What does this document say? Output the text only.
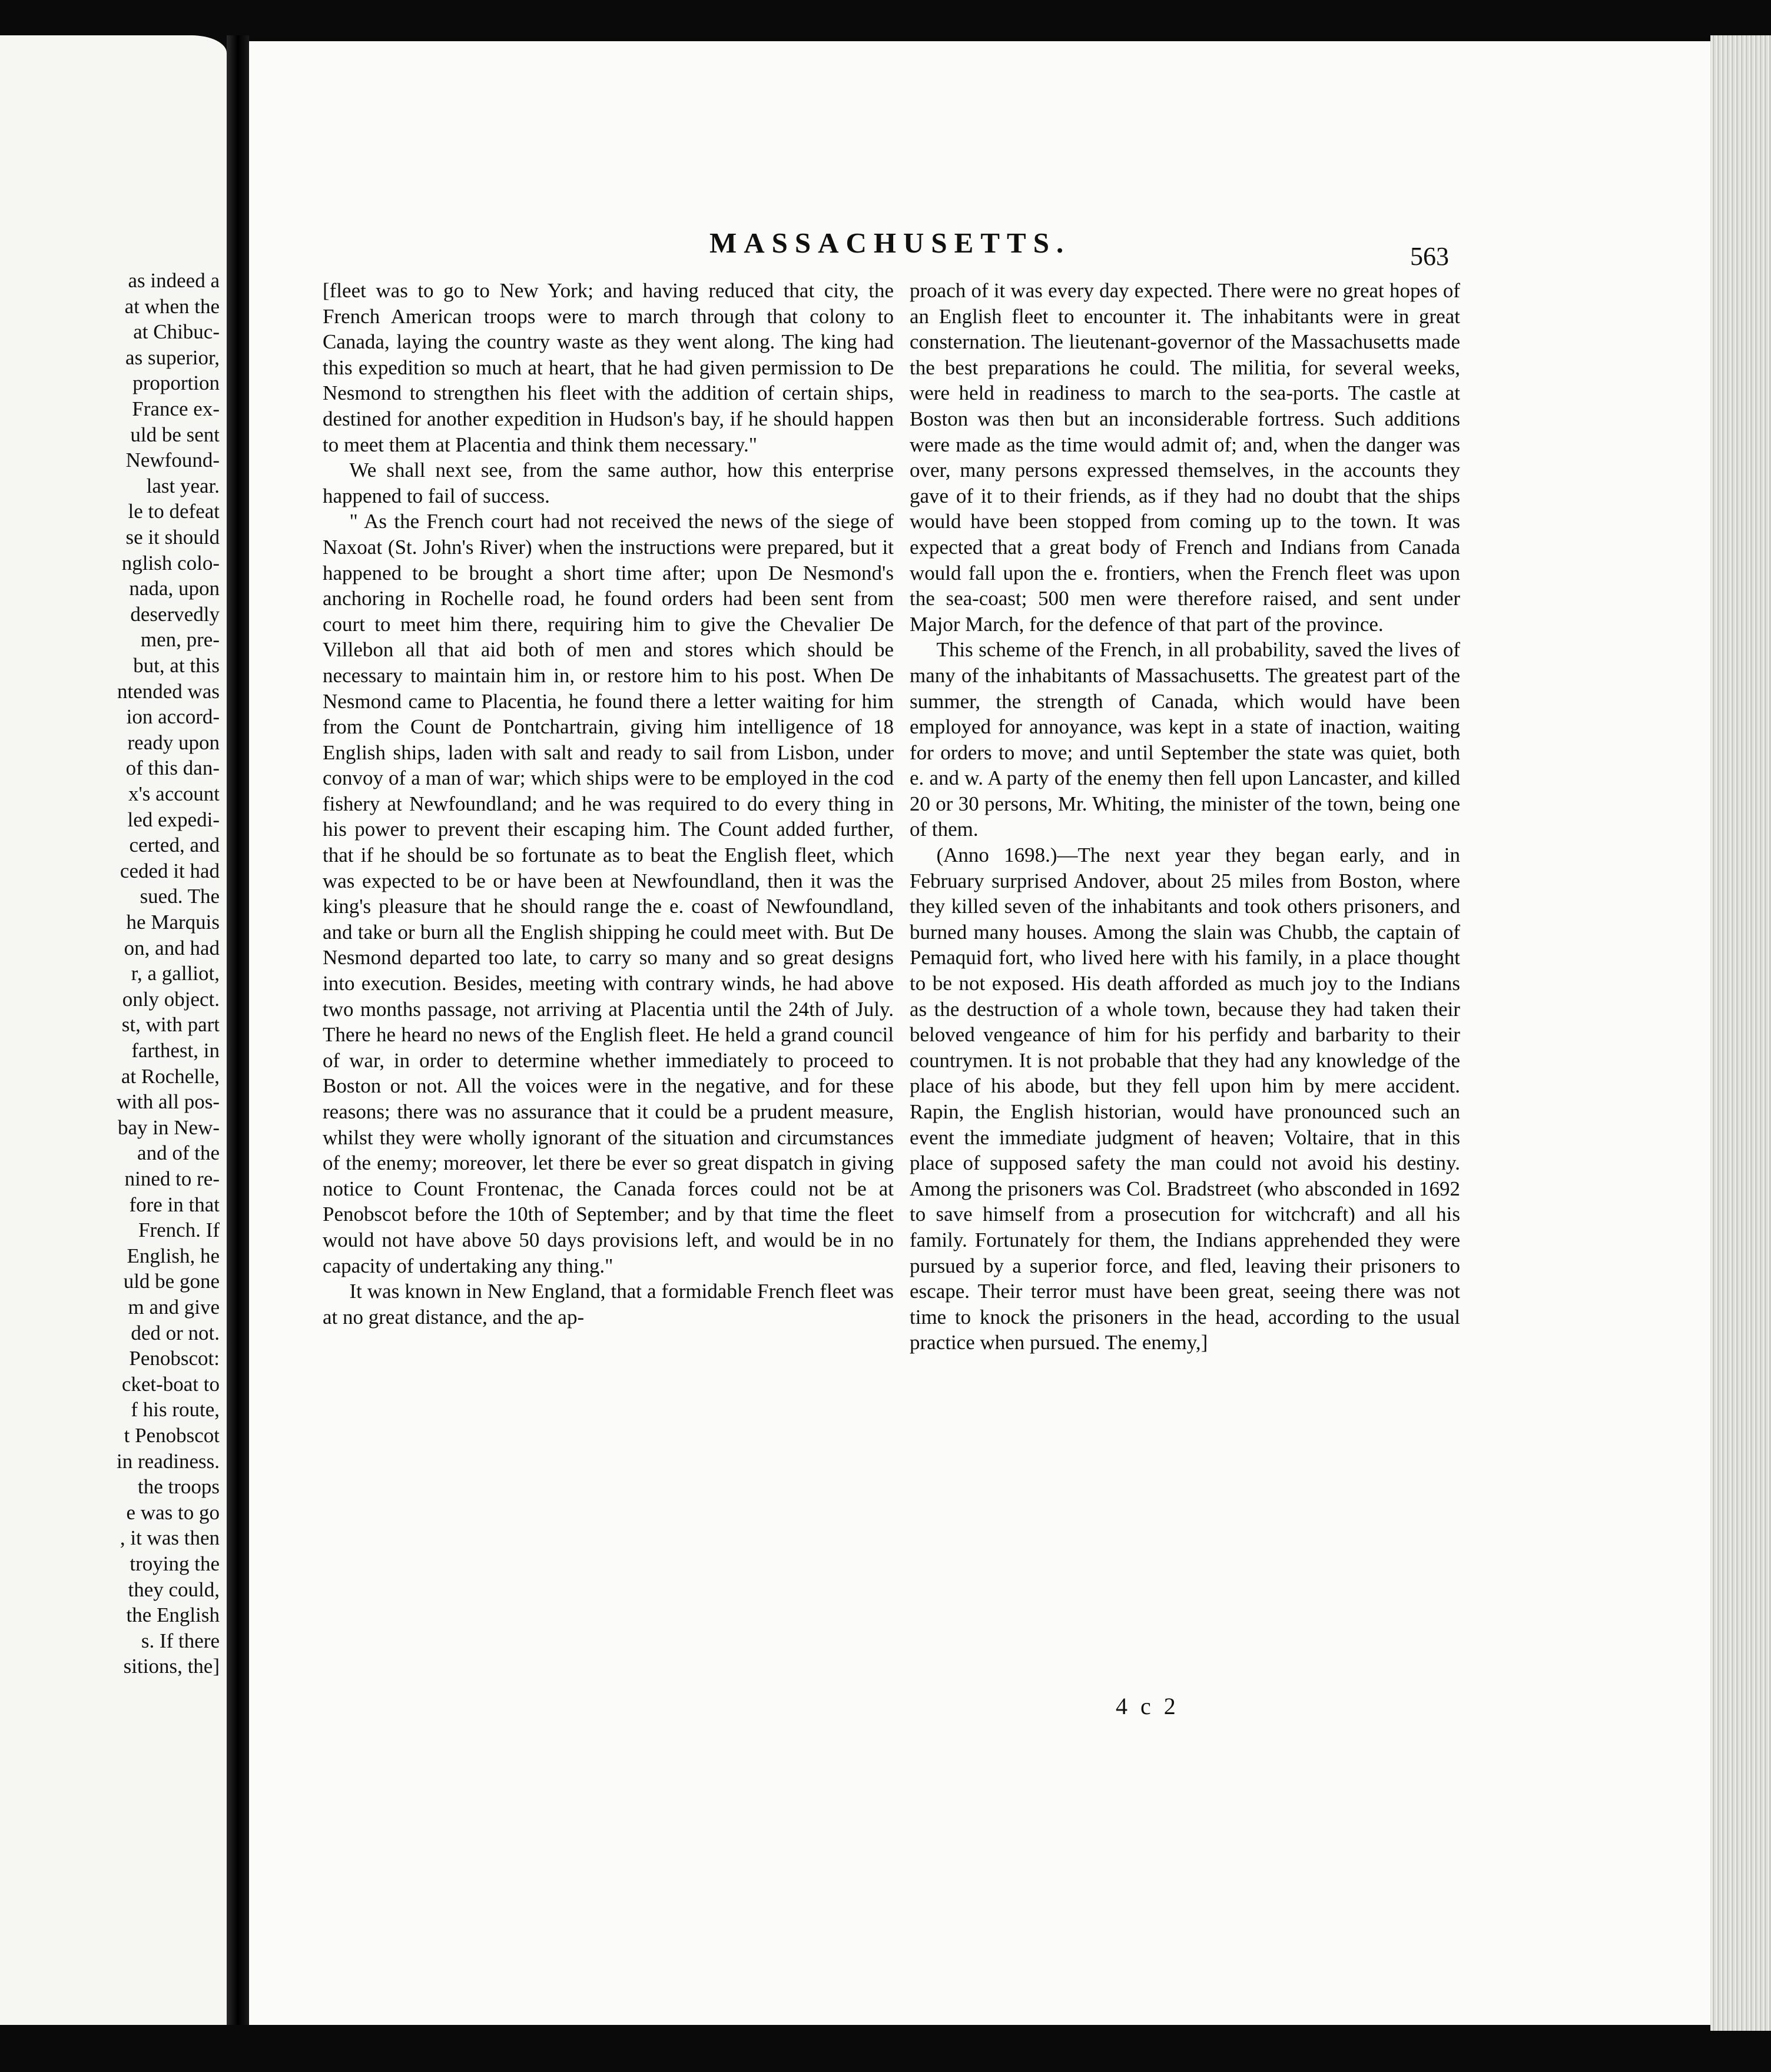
as indeed a
at when the
at Chibuc-
as superior,
proportion
France ex-
uld be sent
Newfound-
last year.
le to defeat
se it should
nglish colo-
nada, upon
deservedly
men, pre-
but, at this
ntended was
ion accord-
ready upon
of this dan-
x's account
led expedi-
certed, and
ceded it had
sued. The
he Marquis
on, and had
r, a galliot,
only object.
st, with part
farthest, in
at Rochelle,
with all pos-
bay in New-
and of the
nined to re-
fore in that
French. If
English, he
uld be gone
m and give
ded or not.
Penobscot:
cket-boat to
f his route,
t Penobscot
in readiness.
the troops
e was to go
, it was then
troying the
they could,
the English
s. If there
sitions, the]
MASSACHUSETTS.	563

[fleet was to go to New York; and having reduced that city, the French American troops were to march through that colony to Canada, laying the country waste as they went along. The king had this expedition so much at heart, that he had given permission to De Nesmond to strengthen his fleet with the addition of certain ships, destined for another expedition in Hudson's bay, if he should happen to meet them at Placentia and think them necessary."

We shall next see, from the same author, how this enterprise happened to fail of success.

" As the French court had not received the news of the siege of Naxoat (St. John's River) when the instructions were prepared, but it happened to be brought a short time after; upon De Nesmond's anchoring in Rochelle road, he found orders had been sent from court to meet him there, requiring him to give the Chevalier De Villebon all that aid both of men and stores which should be necessary to maintain him in, or restore him to his post. When De Nesmond came to Placentia, he found there a letter waiting for him from the Count de Pontchartrain, giving him intelligence of 18 English ships, laden with salt and ready to sail from Lisbon, under convoy of a man of war; which ships were to be employed in the cod fishery at Newfoundland; and he was required to do every thing in his power to prevent their escaping him. The Count added further, that if he should be so fortunate as to beat the English fleet, which was expected to be or have been at Newfoundland, then it was the king's pleasure that he should range the e. coast of Newfoundland, and take or burn all the English shipping he could meet with. But De Nesmond departed too late, to carry so many and so great designs into execution. Besides, meeting with contrary winds, he had above two months passage, not arriving at Placentia until the 24th of July. There he heard no news of the English fleet. He held a grand council of war, in order to determine whether immediately to proceed to Boston or not. All the voices were in the negative, and for these reasons; there was no assurance that it could be a prudent measure, whilst they were wholly ignorant of the situation and circumstances of the enemy; moreover, let there be ever so great dispatch in giving notice to Count Frontenac, the Canada forces could not be at Penobscot before the 10th of September; and by that time the fleet would not have above 50 days provisions left, and would be in no capacity of undertaking any thing."

It was known in New England, that a formidable French fleet was at no great distance, and the ap-

proach of it was every day expected. There were no great hopes of an English fleet to encounter it. The inhabitants were in great consternation. The lieutenant-governor of the Massachusetts made the best preparations he could. The militia, for several weeks, were held in readiness to march to the sea-ports. The castle at Boston was then but an inconsiderable fortress. Such additions were made as the time would admit of; and, when the danger was over, many persons expressed themselves, in the accounts they gave of it to their friends, as if they had no doubt that the ships would have been stopped from coming up to the town. It was expected that a great body of French and Indians from Canada would fall upon the e. frontiers, when the French fleet was upon the sea-coast; 500 men were therefore raised, and sent under Major March, for the defence of that part of the province.

This scheme of the French, in all probability, saved the lives of many of the inhabitants of Massachusetts. The greatest part of the summer, the strength of Canada, which would have been employed for annoyance, was kept in a state of inaction, waiting for orders to move; and until September the state was quiet, both e. and w. A party of the enemy then fell upon Lancaster, and killed 20 or 30 persons, Mr. Whiting, the minister of the town, being one of them.

(Anno 1698.)—The next year they began early, and in February surprised Andover, about 25 miles from Boston, where they killed seven of the inhabitants and took others prisoners, and burned many houses. Among the slain was Chubb, the captain of Pemaquid fort, who lived here with his family, in a place thought to be not exposed. His death afforded as much joy to the Indians as the destruction of a whole town, because they had taken their beloved vengeance of him for his perfidy and barbarity to their countrymen. It is not probable that they had any knowledge of the place of his abode, but they fell upon him by mere accident. Rapin, the English historian, would have pronounced such an event the immediate judgment of heaven; Voltaire, that in this place of supposed safety the man could not avoid his destiny. Among the prisoners was Col. Bradstreet (who absconded in 1692 to save himself from a prosecution for witchcraft) and all his family. Fortunately for them, the Indians apprehended they were pursued by a superior force, and fled, leaving their prisoners to escape. Their terror must have been great, seeing there was not time to knock the prisoners in the head, according to the usual practice when pursued. The enemy,]

4 c 2
